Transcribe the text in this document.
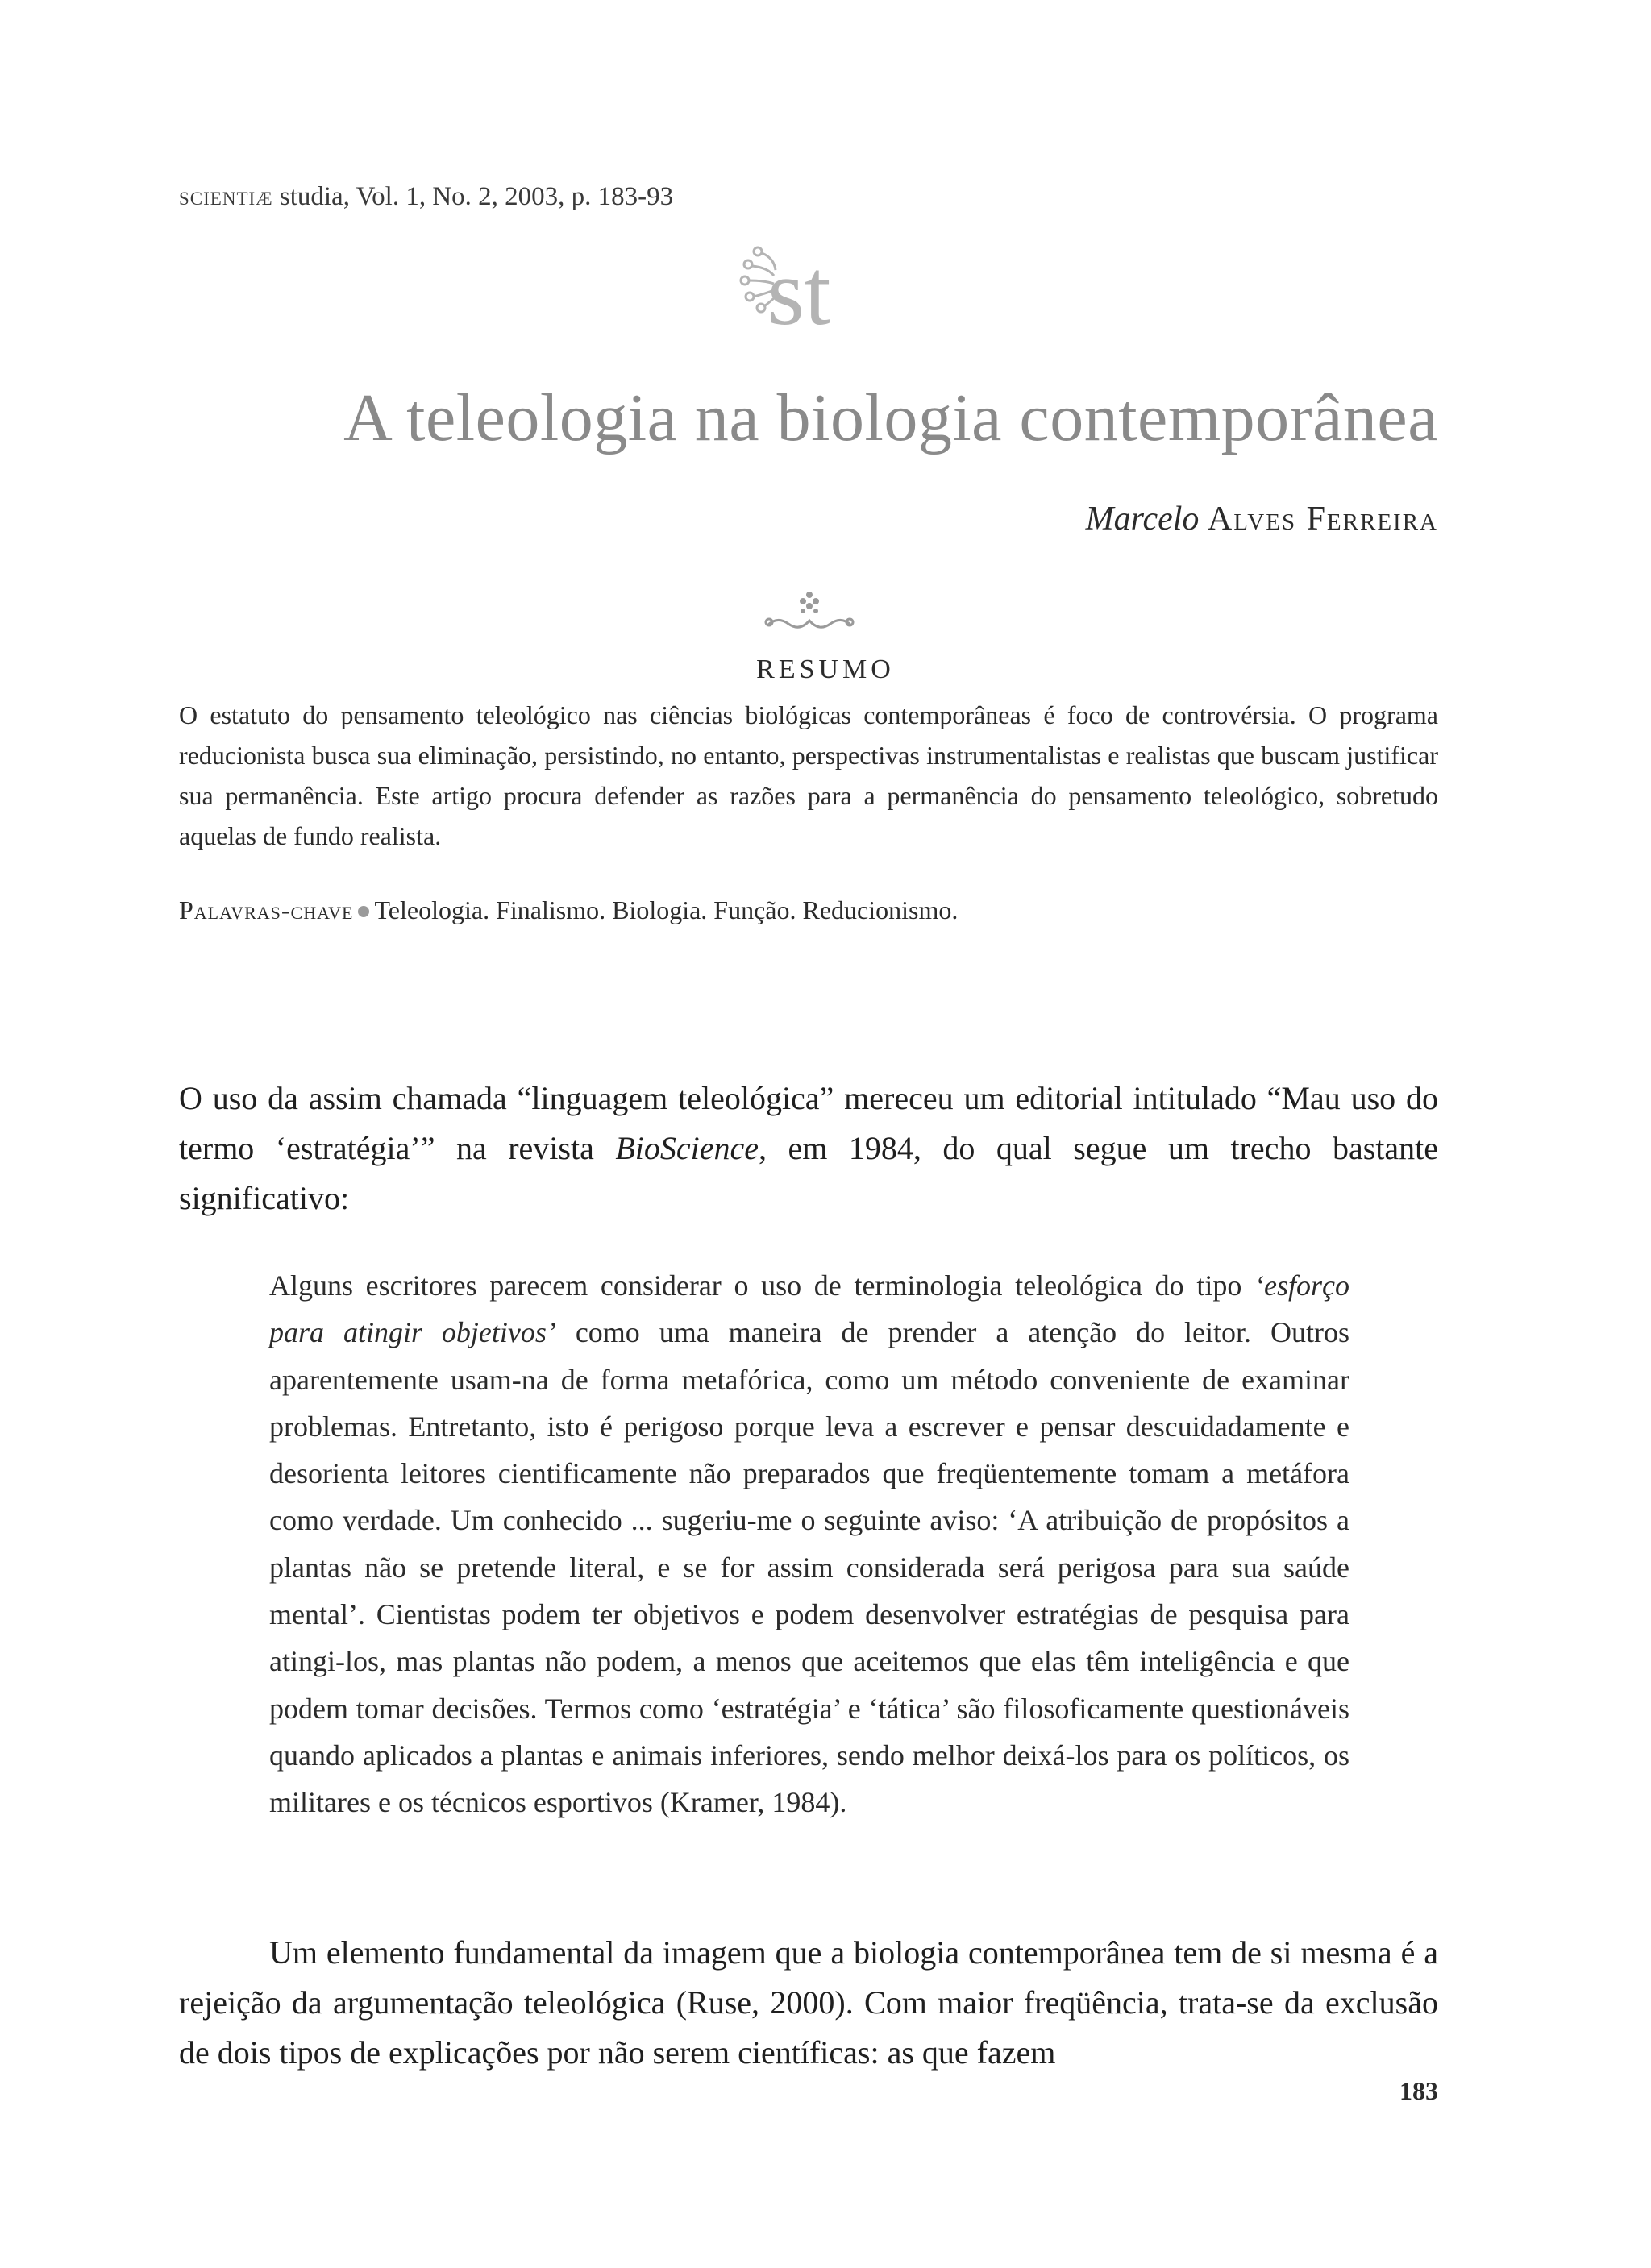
scientiæ studia, Vol. 1, No. 2, 2003, p. 183-93
st
A teleologia na biologia contemporânea
Marcelo Alves Ferreira
RESUMO
O estatuto do pensamento teleológico nas ciências biológicas contemporâneas é foco de controvérsia. O programa reducionista busca sua eliminação, persistindo, no entanto, perspectivas instrumentalistas e realistas que buscam justificar sua permanência. Este artigo procura defender as razões para a permanência do pensamento teleológico, sobretudo aquelas de fundo realista.
Palavras-chave Teleologia. Finalismo. Biologia. Função. Reducionismo.
O uso da assim chamada “linguagem teleológica” mereceu um editorial intitulado “Mau uso do termo ‘estratégia’” na revista BioScience, em 1984, do qual segue um trecho bastante significativo:
Alguns escritores parecem considerar o uso de terminologia teleológica do tipo ‘esforço para atingir objetivos’ como uma maneira de prender a atenção do leitor. Outros aparentemente usam-na de forma metafórica, como um método conveniente de examinar problemas. Entretanto, isto é perigoso porque leva a escrever e pensar descuidadamente e desorienta leitores cientificamente não preparados que freqüentemente tomam a metáfora como verdade. Um conhecido ... sugeriu-me o seguinte aviso: ‘A atribuição de propósitos a plantas não se pretende literal, e se for assim considerada será perigosa para sua saúde mental’. Cientistas podem ter objetivos e podem desenvolver estratégias de pesquisa para atingi-los, mas plantas não podem, a menos que aceitemos que elas têm inteligência e que podem tomar decisões. Termos como ‘estratégia’ e ‘tática’ são filosoficamente questionáveis quando aplicados a plantas e animais inferiores, sendo melhor deixá-los para os políticos, os militares e os técnicos esportivos (Kramer, 1984).
Um elemento fundamental da imagem que a biologia contemporânea tem de si mesma é a rejeição da argumentação teleológica (Ruse, 2000). Com maior freqüência, trata-se da exclusão de dois tipos de explicações por não serem científicas: as que fazem
183
